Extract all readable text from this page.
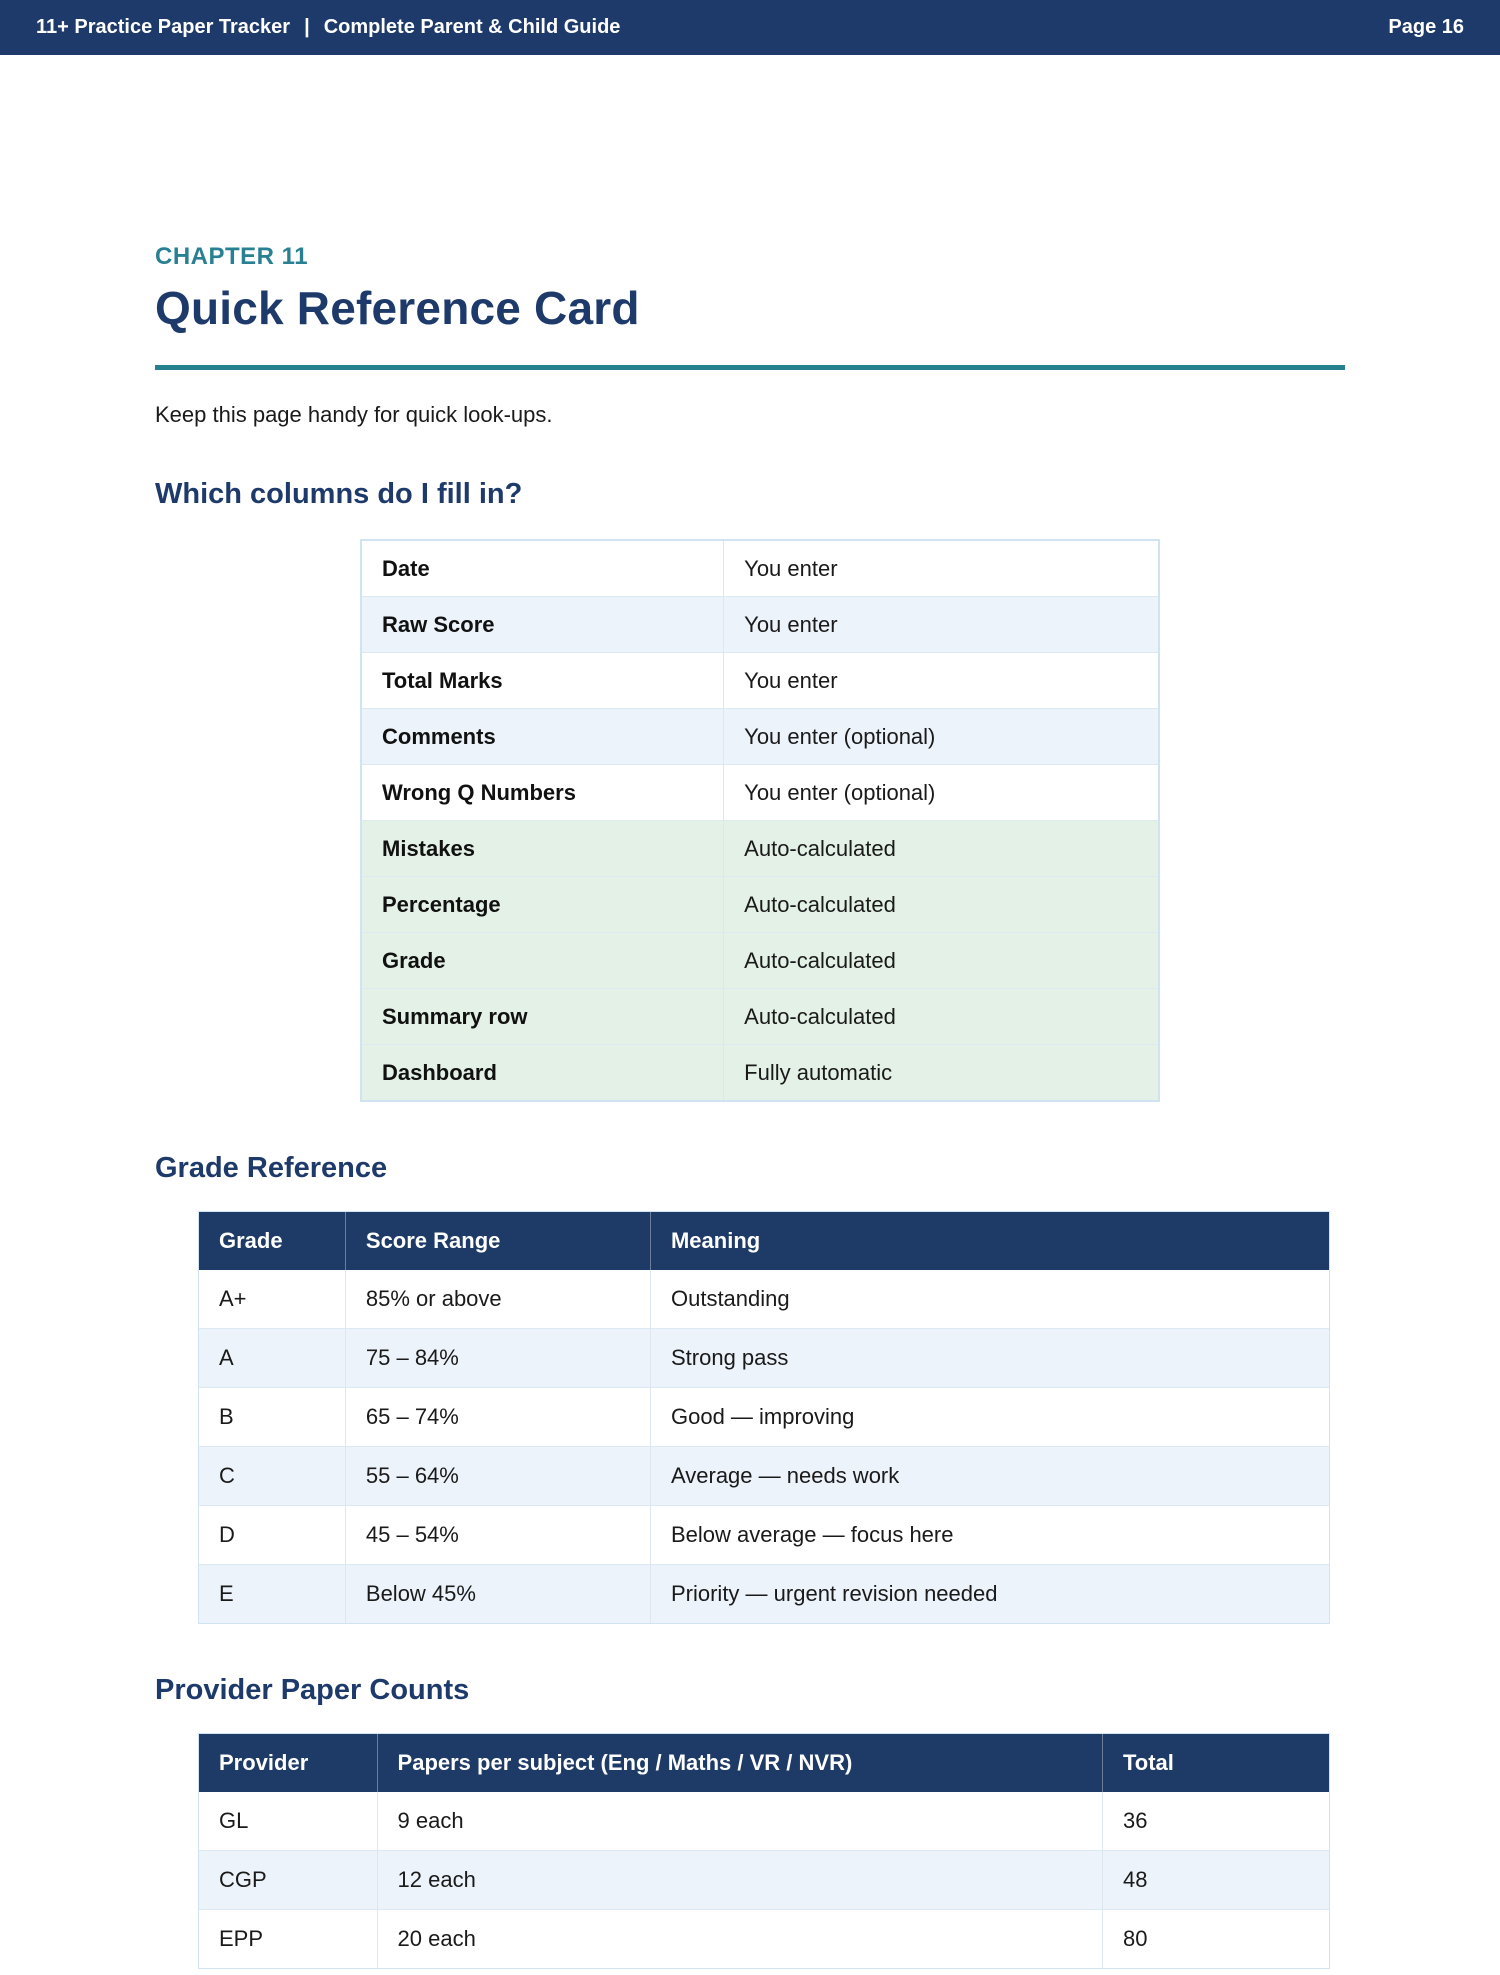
11+ Practice Paper Tracker | Complete Parent & Child Guide	Page 16
CHAPTER 11
Quick Reference Card
Keep this page handy for quick look-ups.
Which columns do I fill in?
Date	You enter
Raw Score	You enter
Total Marks	You enter
Comments	You enter (optional)
Wrong Q Numbers	You enter (optional)
Mistakes	Auto-calculated
Percentage	Auto-calculated
Grade	Auto-calculated
Summary row	Auto-calculated
Dashboard	Fully automatic
Grade Reference
Grade	Score Range	Meaning
A+	85% or above	Outstanding
A	75 – 84%	Strong pass
B	65 – 74%	Good — improving
C	55 – 64%	Average — needs work
D	45 – 54%	Below average — focus here
E	Below 45%	Priority — urgent revision needed
Provider Paper Counts
Provider	Papers per subject (Eng / Maths / VR / NVR)	Total
GL	9 each	36
CGP	12 each	48
EPP	20 each	80
